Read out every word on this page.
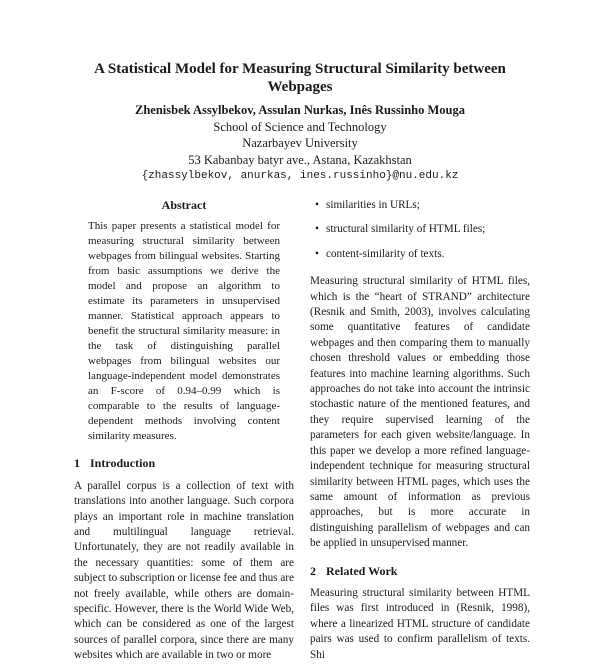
A Statistical Model for Measuring Structural Similarity between Webpages
Zhenisbek Assylbekov, Assulan Nurkas, Inês Russinho Mouga
School of Science and Technology
Nazarbayev University
53 Kabanbay batyr ave., Astana, Kazakhstan
{zhassylbekov, anurkas, ines.russinho}@nu.edu.kz
Abstract

This paper presents a statistical model for measuring structural similarity between webpages from bilingual websites. Starting from basic assumptions we derive the model and propose an algorithm to estimate its parameters in unsupervised manner. Statistical approach appears to benefit the structural similarity measure: in the task of distinguishing parallel webpages from bilingual websites our language-independent model demonstrates an F-score of 0.94–0.99 which is comparable to the results of language-dependent methods involving content similarity measures.

1 Introduction

A parallel corpus is a collection of text with translations into another language. Such corpora plays an important role in machine translation and multilingual language retrieval. Unfortunately, they are not readily available in the necessary quantities: some of them are subject to subscription or license fee and thus are not freely available, while others are domain-specific. However, there is the World Wide Web, which can be considered as one of the largest sources of parallel corpora, since there are many websites which are available in two or more

• similarities in URLs;
• structural similarity of HTML files;
• content-similarity of texts.

Measuring structural similarity of HTML files, which is the “heart of STRAND” architecture (Resnik and Smith, 2003), involves calculating some quantitative features of candidate webpages and then comparing them to manually chosen threshold values or embedding those features into machine learning algorithms. Such approaches do not take into account the intrinsic stochastic nature of the mentioned features, and they require supervised learning of the parameters for each given website/language. In this paper we develop a more refined language-independent technique for measuring structural similarity between HTML pages, which uses the same amount of information as previous approaches, but is more accurate in distinguishing parallelism of webpages and can be applied in unsupervised manner.

2 Related Work

Measuring structural similarity between HTML files was first introduced in (Resnik, 1998), where a linearized HTML structure of candidate pairs was used to confirm parallelism of texts. Shi
